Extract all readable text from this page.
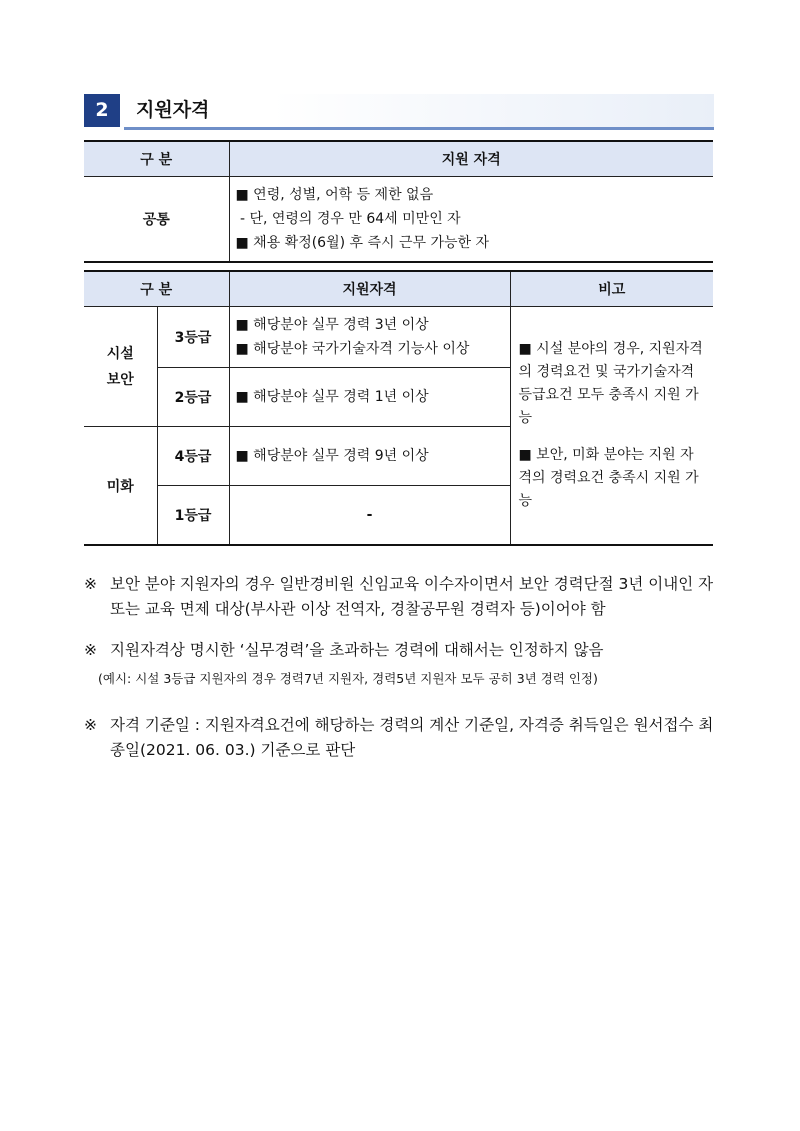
2	지원자격
구 분	지원 자격
공통	■ 연령, 성별, 어학 등 제한 없음
- 단, 연령의 경우 만 64세 미만인 자
■ 채용 확정(6월) 후 즉시 근무 가능한 자
구 분		지원자격	비고
시설
보안	3등급	■ 해당분야 실무 경력 3년 이상
■ 해당분야 국가기술자격 기능사 이상	■ 시설 분야의 경우, 지원자격의 경력요건 및 국가기술자격 등급요건 모두 충족시 지원 가능
■ 보안, 미화 분야는 지원 자격의 경력요건 충족시 지원 가능

	2등급	■ 해당분야 실무 경력 1년 이상	

미화	4등급	■ 해당분야 실무 경력 9년 이상	

	1등급	-	
※ 보안 분야 지원자의 경우 일반경비원 신임교육 이수자이면서 보안 경력단절 3년 이내인 자 또는 교육 면제 대상(부사관 이상 전역자, 경찰공무원 경력자 등)이어야 함
※ 지원자격상 명시한 ‘실무경력’을 초과하는 경력에 대해서는 인정하지 않음
(예시: 시설 3등급 지원자의 경우 경력7년 지원자, 경력5년 지원자 모두 공히 3년 경력 인정)
※ 자격 기준일 : 지원자격요건에 해당하는 경력의 계산 기준일, 자격증 취득일은 원서접수 최종일(2021. 06. 03.) 기준으로 판단
